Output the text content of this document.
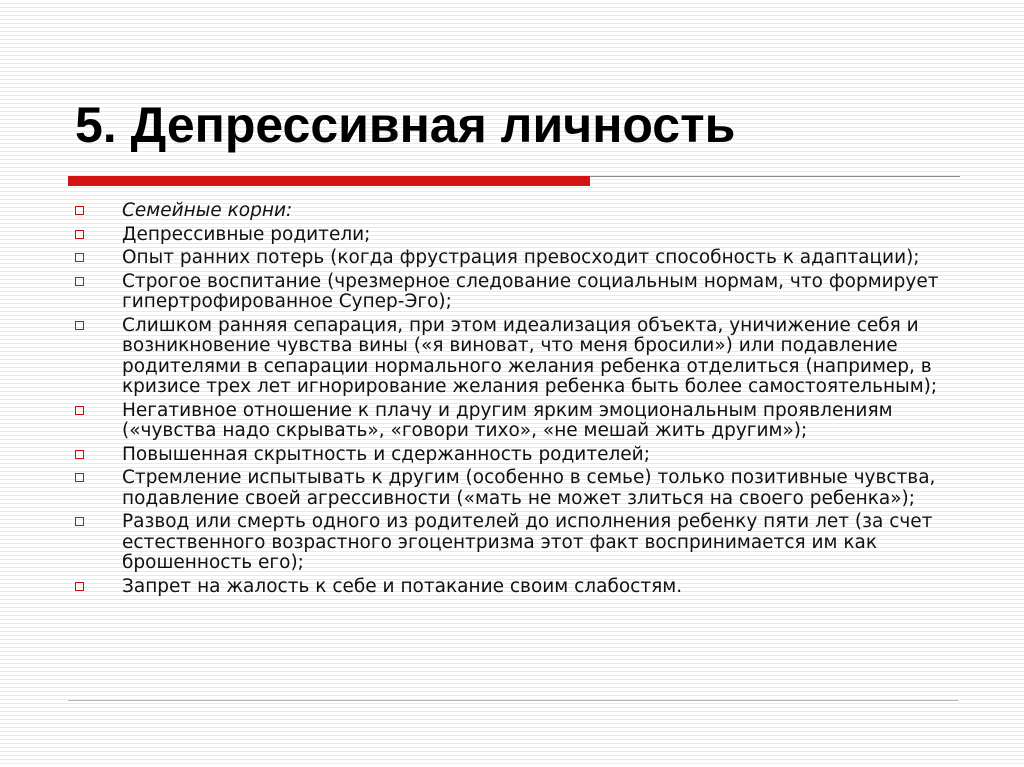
5. Депрессивная личность
Семейные корни:
Депрессивные родители;
Опыт ранних потерь (когда фрустрация превосходит способность к адаптации);
Строгое воспитание (чрезмерное следование социальным нормам, что формирует гипертрофированное Супер-Эго);
Слишком ранняя сепарация, при этом идеализация объекта, уничижение себя и возникновение чувства вины («я виноват, что меня бросили») или подавление родителями в сепарации нормального желания ребенка отделиться (например, в кризисе трех лет игнорирование желания ребенка быть более самостоятельным);
Негативное отношение к плачу и другим ярким эмоциональным проявлениям («чувства надо скрывать», «говори тихо», «не мешай жить другим»);
Повышенная скрытность и сдержанность родителей;
Стремление испытывать к другим (особенно в семье) только позитивные чувства, подавление своей агрессивности («мать не может злиться на своего ребенка»);
Развод или смерть одного из родителей до исполнения ребенку пяти лет (за счет естественного возрастного эгоцентризма этот факт воспринимается им как брошенность его);
Запрет на жалость к себе и потакание своим слабостям.
